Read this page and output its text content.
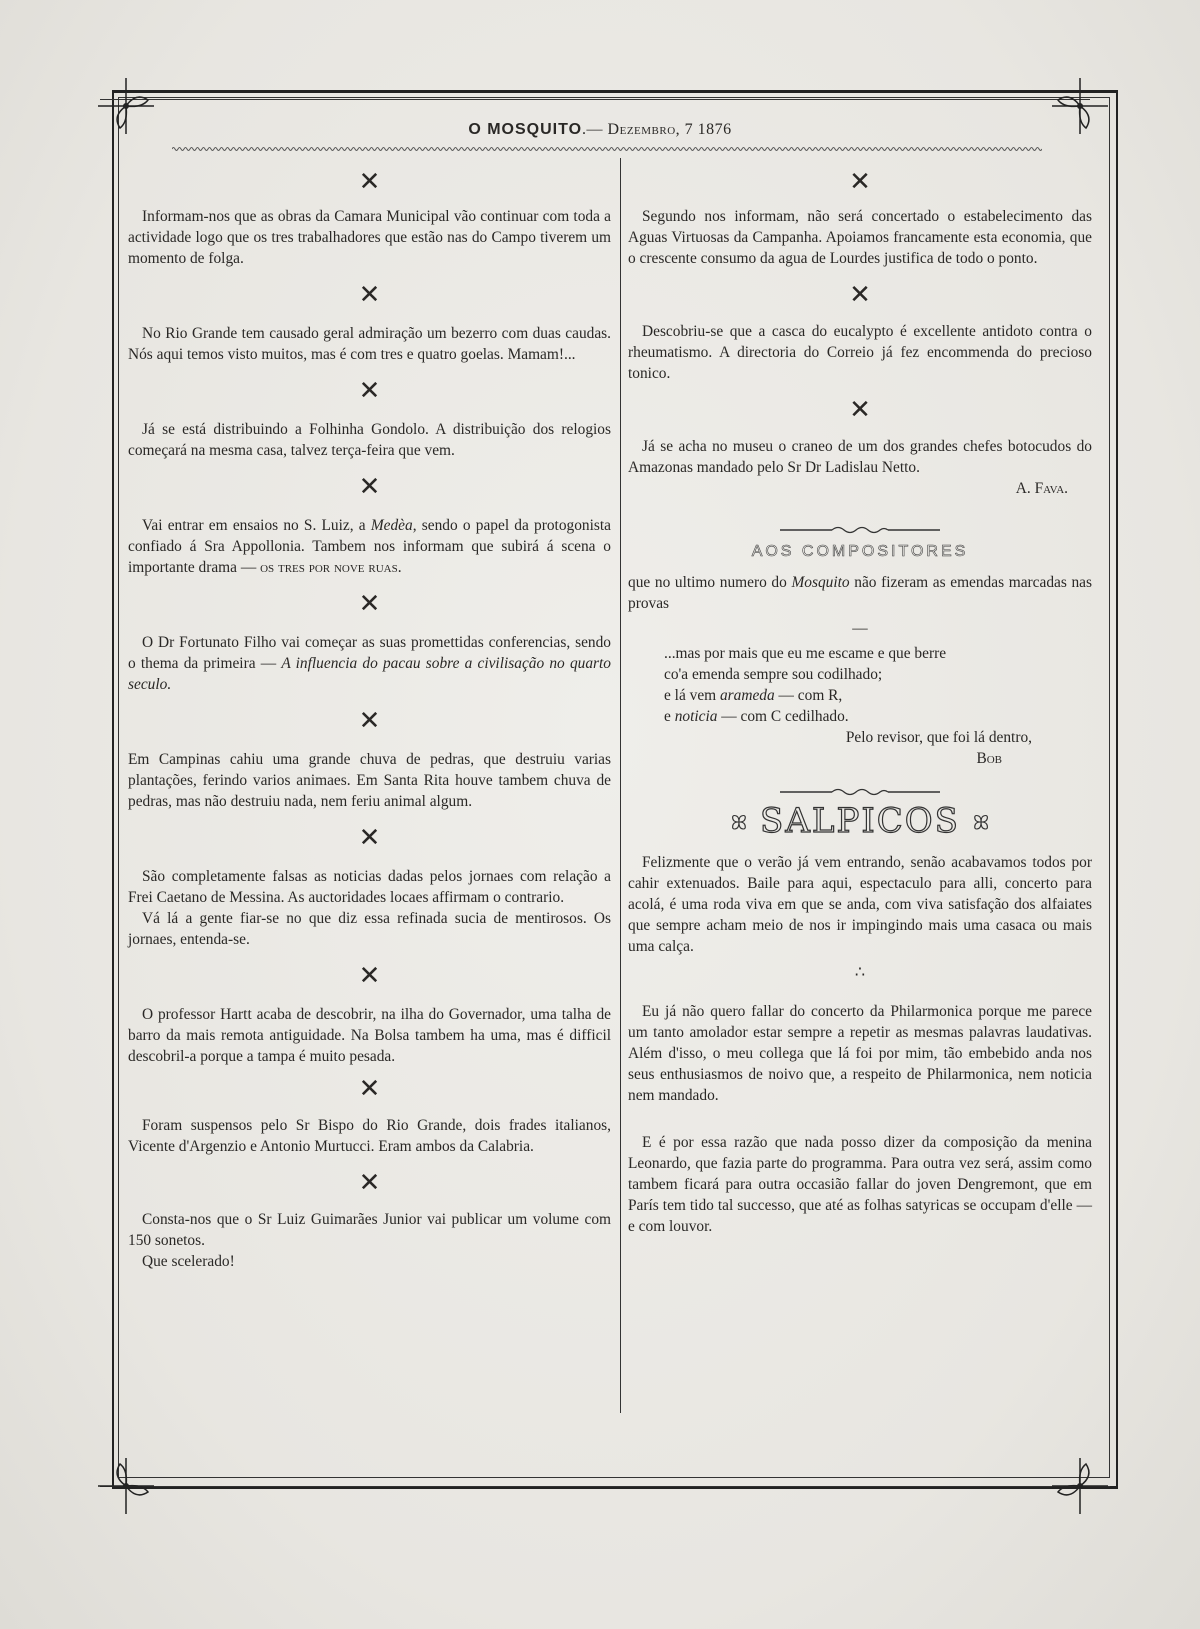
O MOSQUITO.— Dezembro, 7 1876
✕

Informam-nos que as obras da Camara Municipal vão continuar com toda a actividade logo que os tres trabalhadores que estão nas do Campo tiverem um momento de folga.

✕

No Rio Grande tem causado geral admiração um bezerro com duas caudas. Nós aqui temos visto muitos, mas é com tres e quatro goelas. Mamam!...

✕

Já se está distribuindo a Folhinha Gondolo. A distribuição dos relogios começará na mesma casa, talvez terça-feira que vem.

✕

Vai entrar em ensaios no S. Luiz, a Medèa, sendo o papel da protogonista confiado á Sra Appollonia. Tambem nos informam que subirá á scena o importante drama — os tres por nove ruas.

✕

O Dr Fortunato Filho vai começar as suas promettidas conferencias, sendo o thema da primeira — A influencia do pacau sobre a civilisação no quarto seculo.

✕

Em Campinas cahiu uma grande chuva de pedras, que destruiu varias plantações, ferindo varios animaes. Em Santa Rita houve tambem chuva de pedras, mas não destruiu nada, nem feriu animal algum.

✕

São completamente falsas as noticias dadas pelos jornaes com relação a Frei Caetano de Messina. As auctoridades locaes affirmam o contrario.

Vá lá a gente fiar-se no que diz essa refinada sucia de mentirosos. Os jornaes, entenda-se.

✕

O professor Hartt acaba de descobrir, na ilha do Governador, uma talha de barro da mais remota antiguidade. Na Bolsa tambem ha uma, mas é difficil descobril-a porque a tampa é muito pesada.

✕

Foram suspensos pelo Sr Bispo do Rio Grande, dois frades italianos, Vicente d'Argenzio e Antonio Murtucci. Eram ambos da Calabria.

✕

Consta-nos que o Sr Luiz Guimarães Junior vai publicar um volume com 150 sonetos.

Que scelerado!

✕

Segundo nos informam, não será concertado o estabelecimento das Aguas Virtuosas da Campanha. Apoiamos francamente esta economia, que o crescente consumo da agua de Lourdes justifica de todo o ponto.

✕

Descobriu-se que a casca do eucalypto é excellente antidoto contra o rheumatismo. A directoria do Correio já fez encommenda do precioso tonico.

✕

Já se acha no museu o craneo de um dos grandes chefes botocudos do Amazonas mandado pelo Sr Dr Ladislau Netto.

A. Fava.

AOS COMPOSITORES

que no ultimo numero do Mosquito não fizeram as emendas marcadas nas provas

—
...mas por mais que eu me escame e que berre
co'a emenda sempre sou codilhado;
e lá vem arameda — com R,
e noticia — com C cedilhado.
Pelo revisor, que foi lá dentro,
Bob
ꕤ SALPICOS ꕤ

Felizmente que o verão já vem entrando, senão acabavamos todos por cahir extenuados. Baile para aqui, espectaculo para alli, concerto para acolá, é uma roda viva em que se anda, com viva satisfação dos alfaiates que sempre acham meio de nos ir impingindo mais uma casaca ou mais uma calça.

∴

Eu já não quero fallar do concerto da Philarmonica porque me parece um tanto amolador estar sempre a repetir as mesmas palavras laudativas. Além d'isso, o meu collega que lá foi por mim, tão embebido anda nos seus enthusiasmos de noivo que, a respeito de Philarmonica, nem noticia nem mandado.

E é por essa razão que nada posso dizer da composição da menina Leonardo, que fazia parte do programma. Para outra vez será, assim como tambem ficará para outra occasião fallar do joven Dengremont, que em París tem tido tal successo, que até as folhas satyricas se occupam d'elle — e com louvor.
